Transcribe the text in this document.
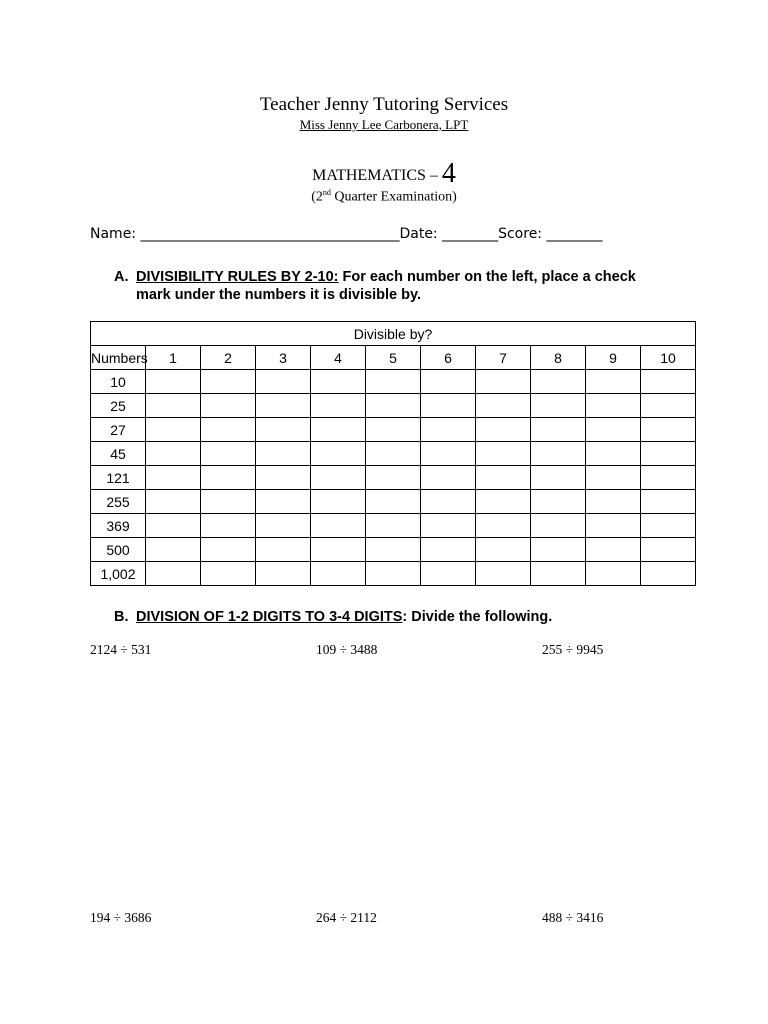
Teacher Jenny Tutoring Services
Miss Jenny Lee Carbonera, LPT
MATHEMATICS – 4
(2nd Quarter Examination)
Name: _____________________________________Date: ________Score: ________
A. DIVISIBILITY RULES BY 2-10: For each number on the left, place a check
mark under the numbers it is divisible by.
Divisible by?										
Numbers	1	2	3	4	5	6	7	8	9	10
10										
25										
27										
45										
121										
255										
369										
500										
1,002										
B. DIVISION OF 1-2 DIGITS TO 3-4 DIGITS: Divide the following.
2124 ÷ 531	109 ÷ 3488	255 ÷ 9945
194 ÷ 3686	264 ÷ 2112	488 ÷ 3416
